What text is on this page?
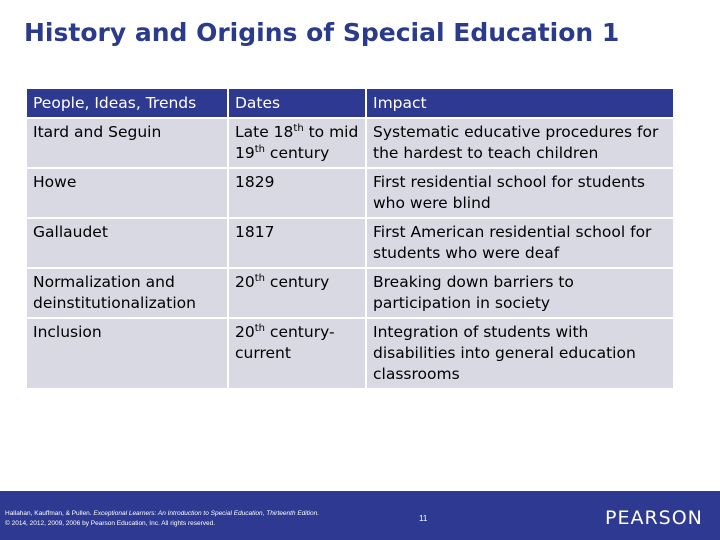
History and Origins of Special Education 1
People, Ideas, Trends	Dates	Impact
Itard and Seguin	Late 18th to mid 19th century	Systematic educative procedures for the hardest to teach children
Howe	1829	First residential school for students who were blind
Gallaudet	1817	First American residential school for students who were deaf
Normalization and deinstitutionalization	20th century	Breaking down barriers to participation in society
Inclusion	20th century- current	Integration of students with disabilities into general education classrooms
Hallahan, Kauffman, & Pullen. Exceptional Learners: An Introduction to Special Education, Thirteenth Edition.
© 2014, 2012, 2009, 2006 by Pearson Education, Inc. All rights reserved.
11	PEARSON
